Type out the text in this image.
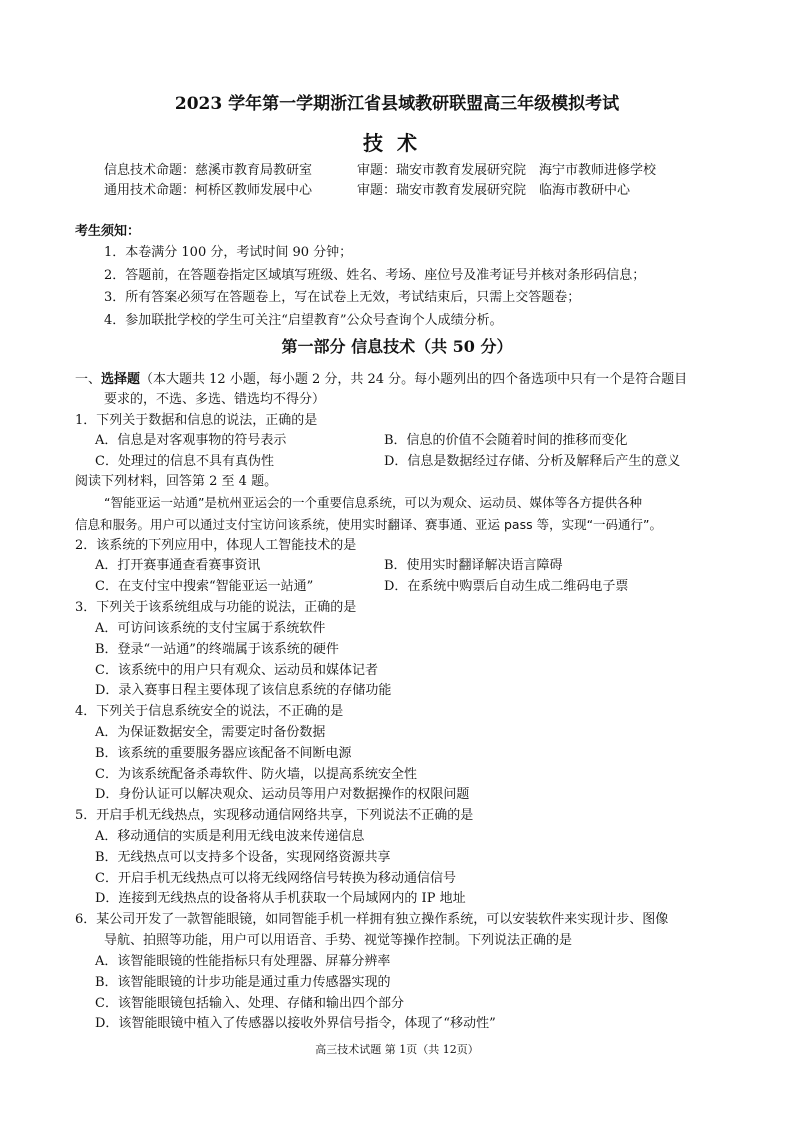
2023 学年第一学期浙江省县域教研联盟高三年级模拟考试
技术
信息技术命题：慈溪市教育局教研室	审题：瑞安市教育发展研究院　海宁市教师进修学校
通用技术命题：柯桥区教师发展中心	审题：瑞安市教育发展研究院　临海市教研中心
考生须知：
1．本卷满分 100 分，考试时间 90 分钟；
2．答题前，在答题卷指定区域填写班级、姓名、考场、座位号及准考证号并核对条形码信息；
3．所有答案必须写在答题卷上，写在试卷上无效，考试结束后，只需上交答题卷；
4．参加联批学校的学生可关注“启望教育”公众号查询个人成绩分析。
第一部分 信息技术（共 50 分）
一、选择题（本大题共 12 小题，每小题 2 分，共 24 分。每小题列出的四个备选项中只有一个是符合题目
要求的，不选、多选、错选均不得分）
1．下列关于数据和信息的说法，正确的是
A．信息是对客观事物的符号表示	B．信息的价值不会随着时间的推移而变化
C．处理过的信息不具有真伪性	D．信息是数据经过存储、分析及解释后产生的意义
阅读下列材料，回答第 2 至 4 题。
“智能亚运一站通”是杭州亚运会的一个重要信息系统，可以为观众、运动员、媒体等各方提供各种
信息和服务。用户可以通过支付宝访问该系统，使用实时翻译、赛事通、亚运 pass 等，实现“一码通行”。
2．该系统的下列应用中，体现人工智能技术的是
A．打开赛事通查看赛事资讯	B．使用实时翻译解决语言障碍
C．在支付宝中搜索“智能亚运一站通”	D．在系统中购票后自动生成二维码电子票
3．下列关于该系统组成与功能的说法，正确的是
A．可访问该系统的支付宝属于系统软件
B．登录“一站通”的终端属于该系统的硬件
C．该系统中的用户只有观众、运动员和媒体记者
D．录入赛事日程主要体现了该信息系统的存储功能
4．下列关于信息系统安全的说法，不正确的是
A．为保证数据安全，需要定时备份数据
B．该系统的重要服务器应该配备不间断电源
C．为该系统配备杀毒软件、防火墙，以提高系统安全性
D．身份认证可以解决观众、运动员等用户对数据操作的权限问题
5．开启手机无线热点，实现移动通信网络共享，下列说法不正确的是
A．移动通信的实质是利用无线电波来传递信息
B．无线热点可以支持多个设备，实现网络资源共享
C．开启手机无线热点可以将无线网络信号转换为移动通信信号
D．连接到无线热点的设备将从手机获取一个局域网内的 IP 地址
6．某公司开发了一款智能眼镜，如同智能手机一样拥有独立操作系统，可以安装软件来实现计步、图像
导航、拍照等功能，用户可以用语音、手势、视觉等操作控制。下列说法正确的是
A．该智能眼镜的性能指标只有处理器、屏幕分辨率
B．该智能眼镜的计步功能是通过重力传感器实现的
C．该智能眼镜包括输入、处理、存储和输出四个部分
D．该智能眼镜中植入了传感器以接收外界信号指令，体现了“移动性”
高三技术试题 第 1页（共 12页）
